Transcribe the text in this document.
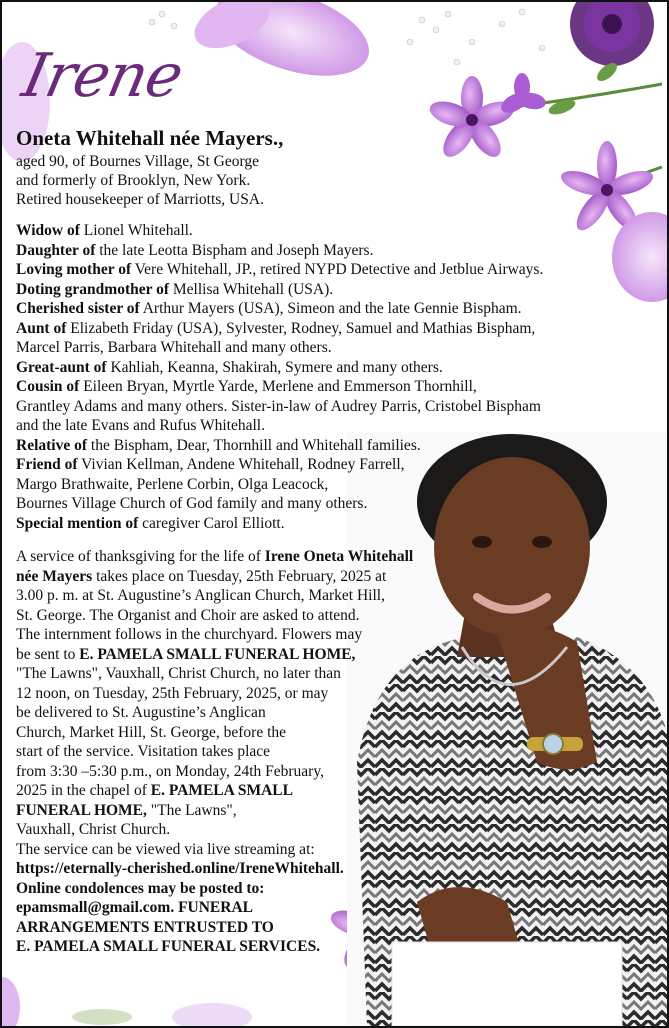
Irene
Oneta Whitehall née Mayers.,
aged 90, of Bournes Village, St George
and formerly of Brooklyn, New York.
Retired housekeeper of Marriotts, USA.
Widow of Lionel Whitehall.
Daughter of the late Leotta Bispham and Joseph Mayers.
Loving mother of Vere Whitehall, JP., retired NYPD Detective and Jetblue Airways.
Doting grandmother of Mellisa Whitehall (USA).
Cherished sister of Arthur Mayers (USA), Simeon and the late Gennie Bispham.
Aunt of Elizabeth Friday (USA), Sylvester, Rodney, Samuel and Mathias Bispham,
Marcel Parris, Barbara Whitehall and many others.
Great-aunt of Kahliah, Keanna, Shakirah, Symere and many others.
Cousin of Eileen Bryan, Myrtle Yarde, Merlene and Emmerson Thornhill,
Grantley Adams and many others. Sister-in-law of Audrey Parris, Cristobel Bispham
and the late Evans and Rufus Whitehall.
Relative of the Bispham, Dear, Thornhill and Whitehall families.
Friend of Vivian Kellman, Andene Whitehall, Rodney Farrell,
Margo Brathwaite, Perlene Corbin, Olga Leacock,
Bournes Village Church of God family and many others.
Special mention of caregiver Carol Elliott.
A service of thanksgiving for the life of Irene Oneta Whitehall
née Mayers takes place on Tuesday, 25th February, 2025 at
3.00 p. m. at St. Augustine’s Anglican Church, Market Hill,
St. George. The Organist and Choir are asked to attend.
The internment follows in the churchyard. Flowers may
be sent to E. PAMELA SMALL FUNERAL HOME,
"The Lawns", Vauxhall, Christ Church, no later than
12 noon, on Tuesday, 25th February, 2025, or may
be delivered to St. Augustine’s Anglican
Church, Market Hill, St. George, before the
start of the service. Visitation takes place
from 3:30 –5:30 p.m., on Monday, 24th February,
2025 in the chapel of E. PAMELA SMALL
FUNERAL HOME, "The Lawns",
Vauxhall, Christ Church.
The service can be viewed via live streaming at:
https://eternally-cherished.online/IreneWhitehall.
Online condolences may be posted to:
epamsmall@gmail.com. FUNERAL
ARRANGEMENTS ENTRUSTED TO
E. PAMELA SMALL FUNERAL SERVICES.
